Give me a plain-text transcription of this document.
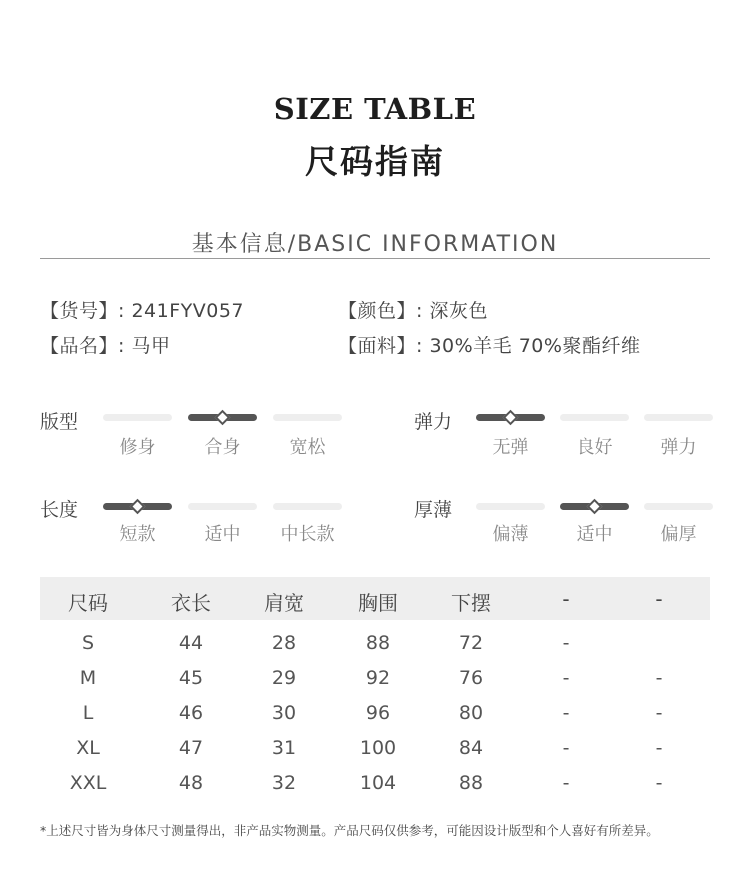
SIZE TABLE
尺码指南
基本信息/BASIC INFORMATION
【货号】: 241FYV057
【品名】: 马甲
【颜色】: 深灰色
【面料】: 30%羊毛 70%聚酯纤维
版型
修身	合身	宽松
弹力
无弹	良好	弹力
长度
短款	适中	中长款
厚薄
偏薄	适中	偏厚
尺码	衣长	肩宽	胸围	下摆	-	-
S	44	28	88	72	-
M	45	29	92	76	-	-
L	46	30	96	80	-	-
XL	47	31	100	84	-	-
XXL	48	32	104	88	-	-
*上述尺寸皆为身体尺寸测量得出，非产品实物测量。产品尺码仅供参考，可能因设计版型和个人喜好有所差异。
